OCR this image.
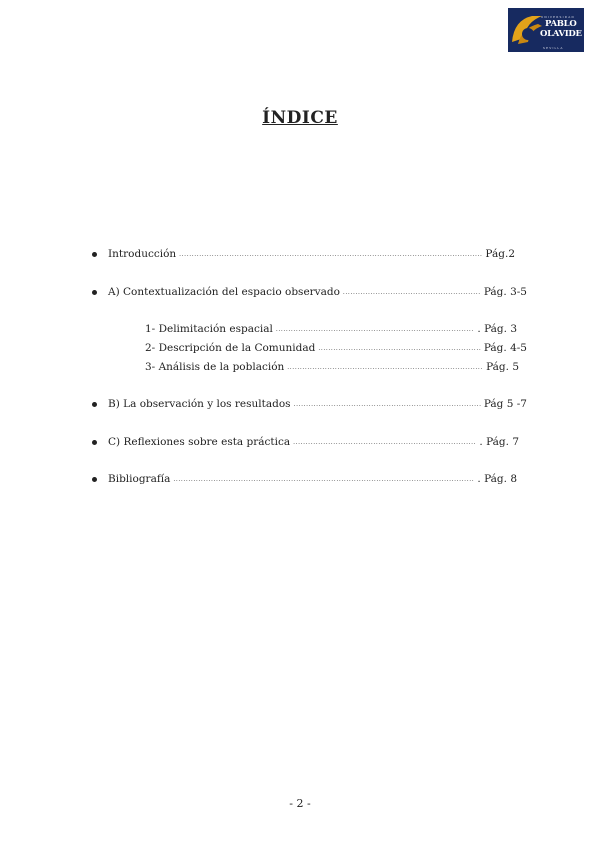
UNIVERSIDAD
PABLO
OLAVIDE
SEVILLA
ÍNDICE
Introducción .....	Pág.2
A) Contextualización del espacio observado .....	Pág. 3-5
1- Delimitación espacial .....	. Pág. 3
2- Descripción de la Comunidad .....	Pág. 4-5
3- Análisis de la población .....	Pág. 5
B) La observación y los resultados .....	Pág 5 -7
C) Reflexiones sobre esta práctica .....	. Pág. 7
Bibliografía .....	. Pág. 8
- 2 -
